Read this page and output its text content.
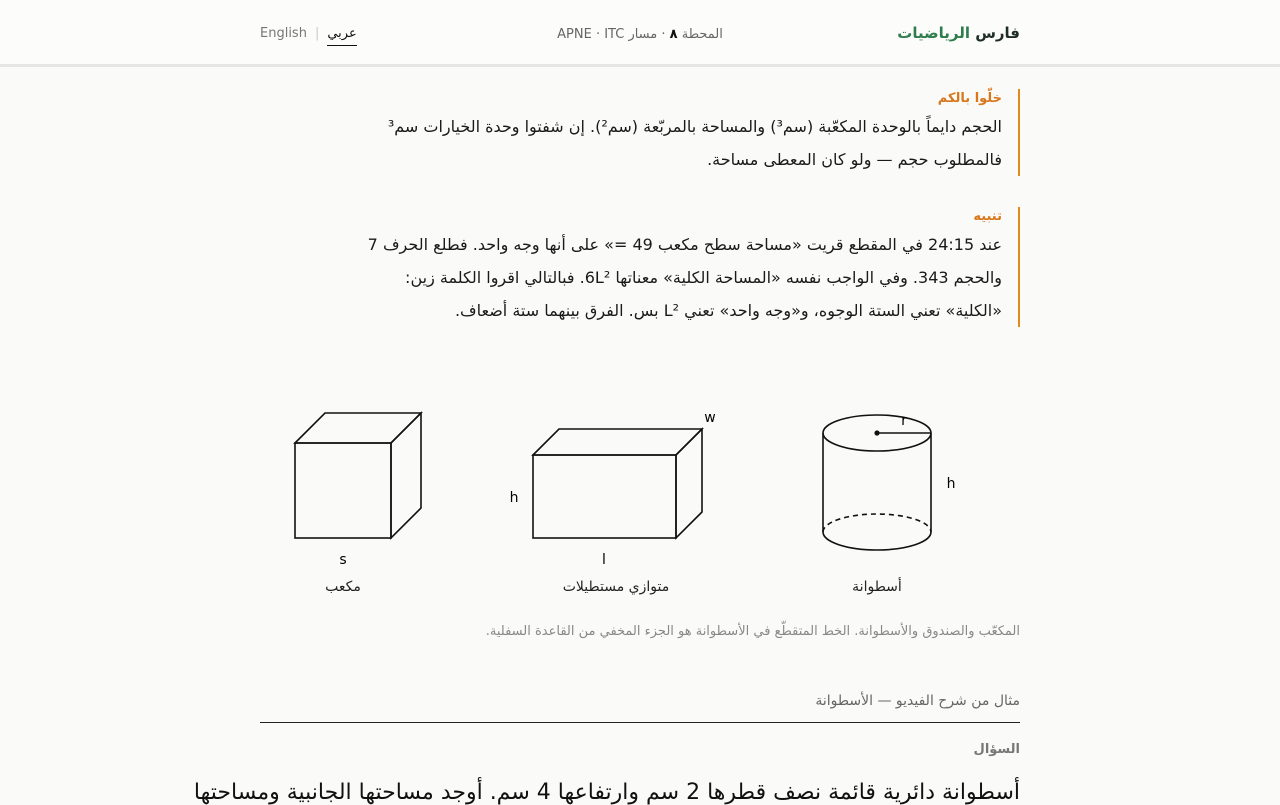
فارس الرياضيات
المحطة ٨ · مسار APNE · ITC
English | عربي
خلّوا بالكم
الحجم دايماً بالوحدة المكعّبة (سم³) والمساحة بالمربّعة (سم²). إن شفتوا وحدة الخيارات سم³
فالمطلوب حجم — ولو كان المعطى مساحة.
تنبيه
عند 24:15 في المقطع قريت «مساحة سطح مكعب 49 =» على أنها وجه واحد. فطلع الحرف 7
والحجم 343. وفي الواجب نفسه «المساحة الكلية» معناتها 6L². فبالتالي اقروا الكلمة زين:
«الكلية» تعني الستة الوجوه، و«وجه واحد» تعني L² بس. الفرق بينهما ستة أضعاف.
s	l
w
h
r
h
مكعب	متوازي مستطيلات	أسطوانة
المكعّب والصندوق والأسطوانة. الخط المتقطّع في الأسطوانة هو الجزء المخفي من القاعدة السفلية.
مثال من شرح الفيديو — الأسطوانة
السؤال
أسطوانة دائرية قائمة نصف قطرها 2 سم وارتفاعها 4 سم. أوجد مساحتها الجانبية ومساحتها
